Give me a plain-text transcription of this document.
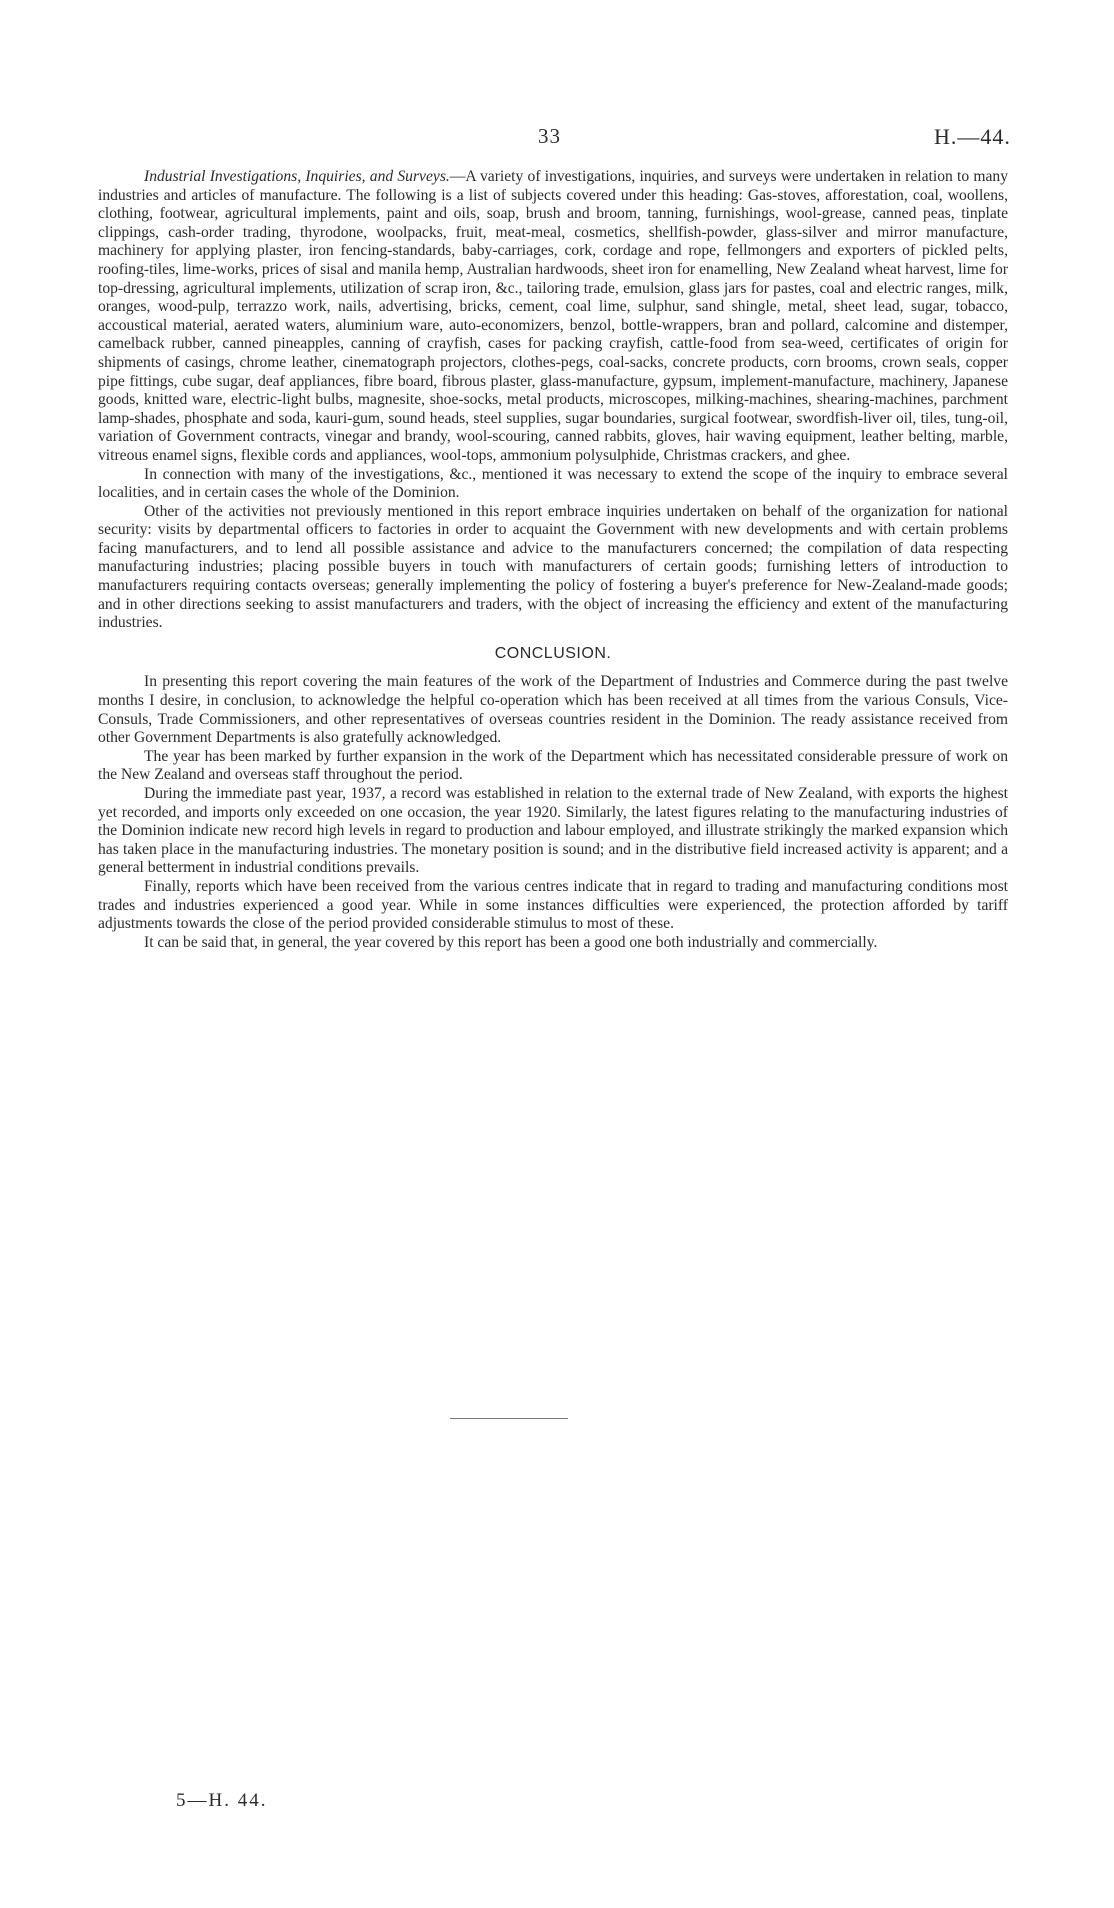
33	H.—44.

Industrial Investigations, Inquiries, and Surveys.—A variety of investigations, inquiries, and surveys were undertaken in relation to many industries and articles of manufacture. The following is a list of subjects covered under this heading: Gas-stoves, afforestation, coal, woollens, clothing, footwear, agricultural implements, paint and oils, soap, brush and broom, tanning, furnishings, wool-grease, canned peas, tinplate clippings, cash-order trading, thyrodone, woolpacks, fruit, meat-meal, cosmetics, shellfish-powder, glass-silver and mirror manufacture, machinery for applying plaster, iron fencing-standards, baby-carriages, cork, cordage and rope, fellmongers and exporters of pickled pelts, roofing-tiles, lime-works, prices of sisal and manila hemp, Australian hardwoods, sheet iron for enamelling, New Zealand wheat harvest, lime for top-dressing, agricultural implements, utilization of scrap iron, &c., tailoring trade, emulsion, glass jars for pastes, coal and electric ranges, milk, oranges, wood-pulp, terrazzo work, nails, advertising, bricks, cement, coal lime, sulphur, sand shingle, metal, sheet lead, sugar, tobacco, accoustical material, aerated waters, aluminium ware, auto-economizers, benzol, bottle-wrappers, bran and pollard, calcomine and distemper, camelback rubber, canned pineapples, canning of crayfish, cases for packing crayfish, cattle-food from sea-weed, certificates of origin for shipments of casings, chrome leather, cinematograph projectors, clothes-pegs, coal-sacks, concrete products, corn brooms, crown seals, copper pipe fittings, cube sugar, deaf appliances, fibre board, fibrous plaster, glass-manufacture, gypsum, implement-manufacture, machinery, Japanese goods, knitted ware, electric-light bulbs, magnesite, shoe-socks, metal products, microscopes, milking-machines, shearing-machines, parchment lamp-shades, phosphate and soda, kauri-gum, sound heads, steel supplies, sugar boundaries, surgical footwear, swordfish-liver oil, tiles, tung-oil, variation of Government contracts, vinegar and brandy, wool-scouring, canned rabbits, gloves, hair waving equipment, leather belting, marble, vitreous enamel signs, flexible cords and appliances, wool-tops, ammonium polysulphide, Christmas crackers, and ghee.

In connection with many of the investigations, &c., mentioned it was necessary to extend the scope of the inquiry to embrace several localities, and in certain cases the whole of the Dominion.

Other of the activities not previously mentioned in this report embrace inquiries undertaken on behalf of the organization for national security: visits by departmental officers to factories in order to acquaint the Government with new developments and with certain problems facing manufacturers, and to lend all possible assistance and advice to the manufacturers concerned; the compilation of data respecting manufacturing industries; placing possible buyers in touch with manufacturers of certain goods; furnishing letters of introduction to manufacturers requiring contacts overseas; generally implementing the policy of fostering a buyer's preference for New-Zealand-made goods; and in other directions seeking to assist manufacturers and traders, with the object of increasing the efficiency and extent of the manufacturing industries.

CONCLUSION.

In presenting this report covering the main features of the work of the Department of Industries and Commerce during the past twelve months I desire, in conclusion, to acknowledge the helpful co-operation which has been received at all times from the various Consuls, Vice-Consuls, Trade Commissioners, and other representatives of overseas countries resident in the Dominion. The ready assistance received from other Government Departments is also gratefully acknowledged.

The year has been marked by further expansion in the work of the Department which has necessitated considerable pressure of work on the New Zealand and overseas staff throughout the period.

During the immediate past year, 1937, a record was established in relation to the external trade of New Zealand, with exports the highest yet recorded, and imports only exceeded on one occasion, the year 1920. Similarly, the latest figures relating to the manufacturing industries of the Dominion indicate new record high levels in regard to production and labour employed, and illustrate strikingly the marked expansion which has taken place in the manufacturing industries. The monetary position is sound; and in the distributive field increased activity is apparent; and a general betterment in industrial conditions prevails.

Finally, reports which have been received from the various centres indicate that in regard to trading and manufacturing conditions most trades and industries experienced a good year. While in some instances difficulties were experienced, the protection afforded by tariff adjustments towards the close of the period provided considerable stimulus to most of these.

It can be said that, in general, the year covered by this report has been a good one both industrially and commercially.

5—H. 44.
